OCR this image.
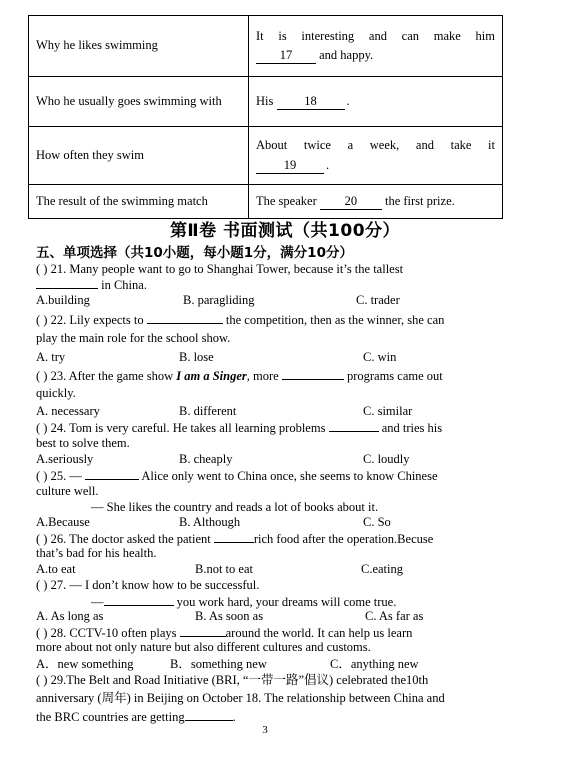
Why he likes swimming	It is interesting and can make him
17 and happy.
Who he usually goes swimming with	His 18 .
How often they swim	About twice a week, and take it
19 .
The result of the swimming match	The speaker 20 the first prize.
第Ⅱ卷 书面测试（共100分）
五、单项选择（共10小题，每小题1分，满分10分）
( ) 21. Many people want to go to Shanghai Tower, because it’s the tallest
in China.
A.building	B. paragliding	C. trader
( ) 22. Lily expects to	the competition, then as the winner, she can
play the main role for the school show.
A. try	B. lose	C. win
( ) 23. After the game show I am a Singer, more	programs came out
quickly.
A. necessary	B. different	C. similar
( ) 24. Tom is very careful. He takes all learning problems	and tries his
best to solve them.
A.seriously	B. cheaply	C. loudly
( ) 25. —	Alice only went to China once, she seems to know Chinese
culture well.
— She likes the country and reads a lot of books about it.
A.Because	B. Although	C. So
( ) 26. The doctor asked the patient	rich food after the operation.Becuse
that’s bad for his health.
A.to eat	B.not to eat	C.eating
( ) 27. — I don’t know how to be successful.
—	you work hard, your dreams will come true.
A. As long as	B. As soon as	C. As far as
( ) 28. CCTV-10 often plays	around the world. It can help us learn
more about not only nature but also different cultures and customs.
A．new something	B．something new	C．anything new
( ) 29.The Belt and Road Initiative (BRI, “一带一路”倡议) celebrated the10th
anniversary (周年) in Beijing on October 18. The relationship between China and
the BRC countries are getting	.
3
